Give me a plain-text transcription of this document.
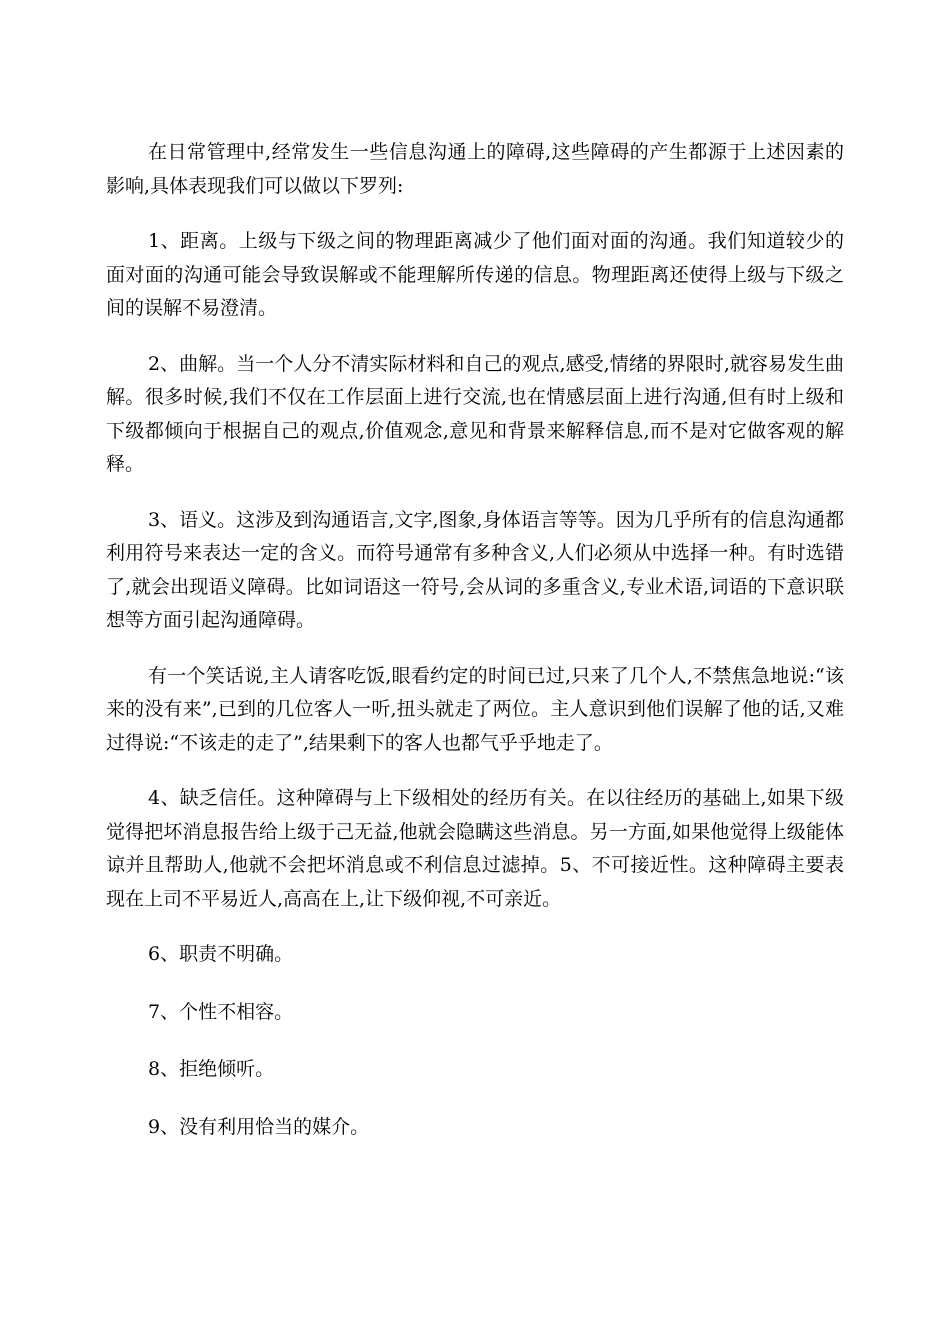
在日常管理中,经常发生一些信息沟通上的障碍,这些障碍的产生都源于上述因素的影响,具体表现我们可以做以下罗列:

1、距离。上级与下级之间的物理距离减少了他们面对面的沟通。我们知道较少的面对面的沟通可能会导致误解或不能理解所传递的信息。物理距离还使得上级与下级之间的误解不易澄清。

2、曲解。当一个人分不清实际材料和自己的观点,感受,情绪的界限时,就容易发生曲解。很多时候,我们不仅在工作层面上进行交流,也在情感层面上进行沟通,但有时上级和下级都倾向于根据自己的观点,价值观念,意见和背景来解释信息,而不是对它做客观的解释。

3、语义。这涉及到沟通语言,文字,图象,身体语言等等。因为几乎所有的信息沟通都利用符号来表达一定的含义。而符号通常有多种含义,人们必须从中选择一种。有时选错了,就会出现语义障碍。比如词语这一符号,会从词的多重含义,专业术语,词语的下意识联想等方面引起沟通障碍。

有一个笑话说,主人请客吃饭,眼看约定的时间已过,只来了几个人,不禁焦急地说:“该来的没有来”,已到的几位客人一听,扭头就走了两位。主人意识到他们误解了他的话,又难过得说:“不该走的走了”,结果剩下的客人也都气乎乎地走了。

4、缺乏信任。这种障碍与上下级相处的经历有关。在以往经历的基础上,如果下级觉得把坏消息报告给上级于己无益,他就会隐瞒这些消息。另一方面,如果他觉得上级能体谅并且帮助人,他就不会把坏消息或不利信息过滤掉。5、不可接近性。这种障碍主要表现在上司不平易近人,高高在上,让下级仰视,不可亲近。

6、职责不明确。

7、个性不相容。

8、拒绝倾听。

9、没有利用恰当的媒介。
